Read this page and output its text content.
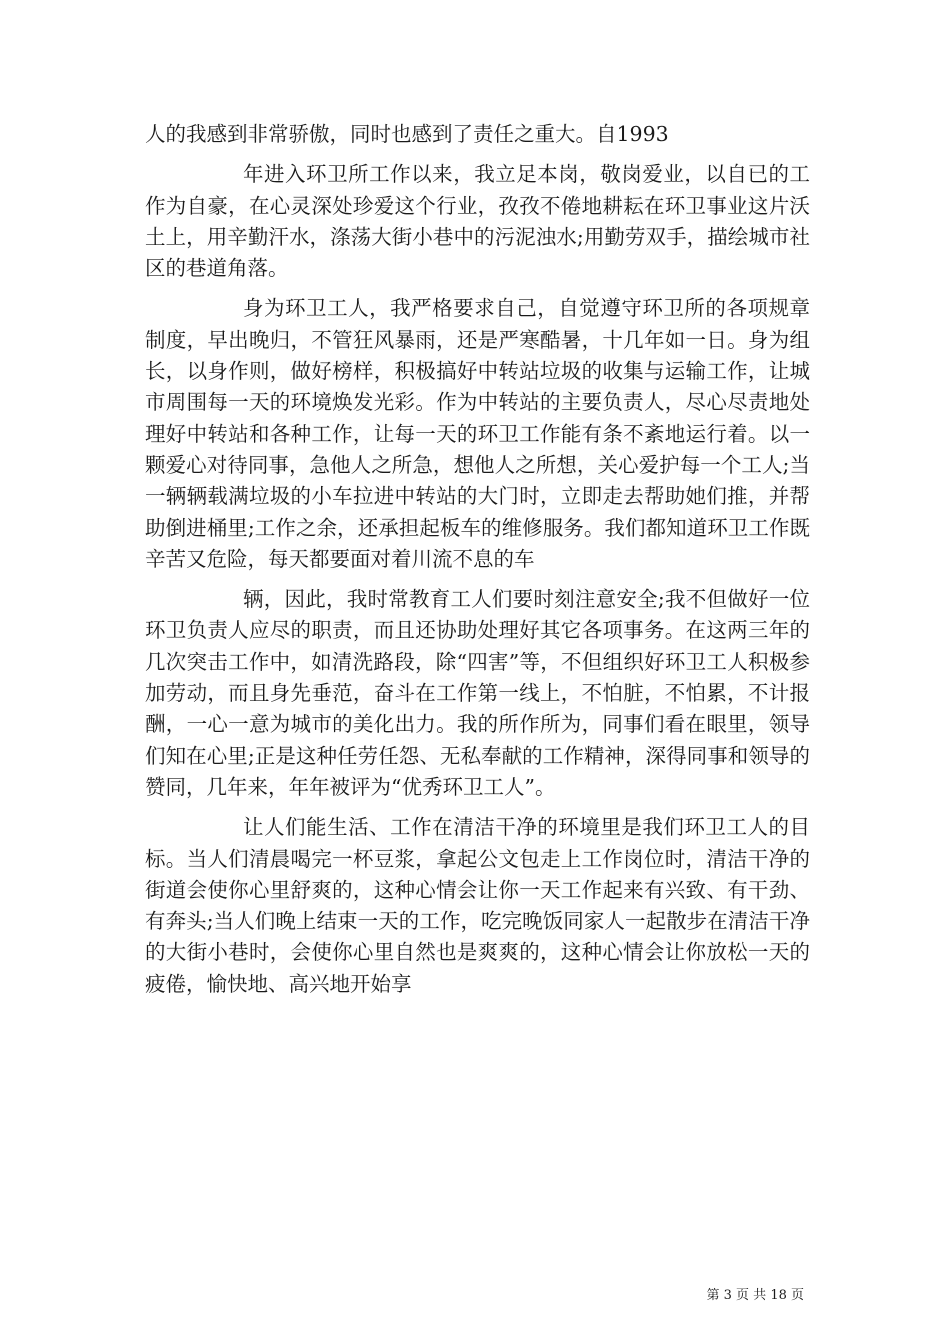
人的我感到非常骄傲，同时也感到了责任之重大。自1993

年进入环卫所工作以来，我立足本岗，敬岗爱业，以自已的工作为自豪，在心灵深处珍爱这个行业，孜孜不倦地耕耘在环卫事业这片沃土上，用辛勤汗水，涤荡大街小巷中的污泥浊水;用勤劳双手，描绘城市社区的巷道角落。

身为环卫工人，我严格要求自己，自觉遵守环卫所的各项规章制度，早出晚归，不管狂风暴雨，还是严寒酷暑，十几年如一日。身为组长，以身作则，做好榜样，积极搞好中转站垃圾的收集与运输工作，让城市周围每一天的环境焕发光彩。作为中转站的主要负责人，尽心尽责地处理好中转站和各种工作，让每一天的环卫工作能有条不紊地运行着。以一颗爱心对待同事，急他人之所急，想他人之所想，关心爱护每一个工人;当一辆辆载满垃圾的小车拉进中转站的大门时，立即走去帮助她们推，并帮助倒进桶里;工作之余，还承担起板车的维修服务。我们都知道环卫工作既辛苦又危险，每天都要面对着川流不息的车

辆，因此，我时常教育工人们要时刻注意安全;我不但做好一位环卫负责人应尽的职责，而且还协助处理好其它各项事务。在这两三年的几次突击工作中，如清洗路段，除“四害”等，不但组织好环卫工人积极参加劳动，而且身先垂范，奋斗在工作第一线上，不怕脏，不怕累，不计报酬，一心一意为城市的美化出力。我的所作所为，同事们看在眼里，领导们知在心里;正是这种任劳任怨、无私奉献的工作精神，深得同事和领导的赞同，几年来，年年被评为“优秀环卫工人”。

让人们能生活、工作在清洁干净的环境里是我们环卫工人的目标。当人们清晨喝完一杯豆浆，拿起公文包走上工作岗位时，清洁干净的街道会使你心里舒爽的，这种心情会让你一天工作起来有兴致、有干劲、有奔头;当人们晚上结束一天的工作，吃完晚饭同家人一起散步在清洁干净的大街小巷时，会使你心里自然也是爽爽的，这种心情会让你放松一天的疲倦，愉快地、高兴地开始享

第 3 页 共 18 页
